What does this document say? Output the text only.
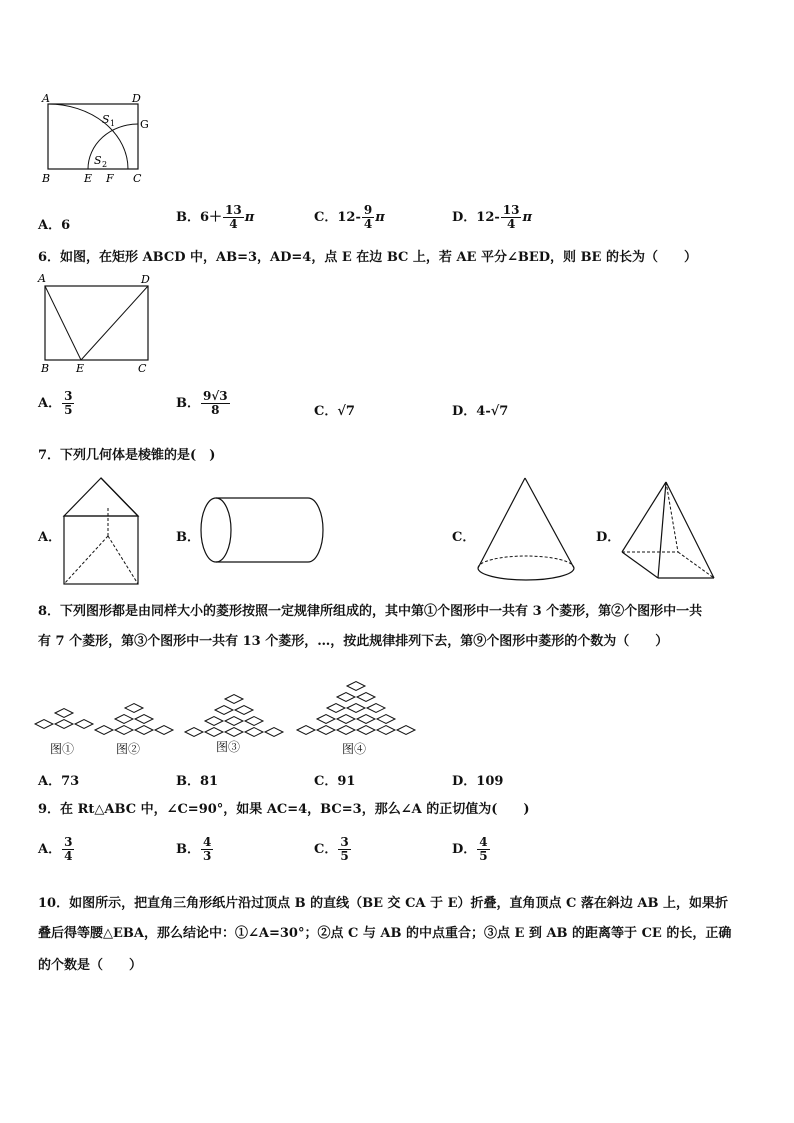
A	D
G
B	E F C
S 1
S 2
A．6
B．$6+ \frac{13}{4}$ π	C．$12- \frac{9}{4}$ π	D．$12- \frac{13}{4}$ π
6．如图，在矩形 ABCD 中，AB=3，AD=4，点 E 在边 BC 上，若 AE 平分∠BED，则 BE 的长为（　　）
A	D
B E	C
A． $\frac{3}{5}$	B． $\frac{9√3}{8}$	C．√7	D．4-√7
7．下列几何体是棱锥的是(　)
A．	B．	C．	D．
8．下列图形都是由同样大小的菱形按照一定规律所组成的，其中第①个图形中一共有 3 个菱形，第②个图形中一共
有 7 个菱形，第③个图形中一共有 13 个菱形，…，按此规律排列下去，第⑨个图形中菱形的个数为（　　）
图①	图②	图③	图④
A．73	B．81	C．91	D．109
9．在 Rt△ABC 中，∠C=90°，如果 AC=4，BC=3，那么∠A 的正切值为(　　)
A． $\frac{3}{4}$	B． $\frac{4}{3}$	C． $\frac{3}{5}$	D． $\frac{4}{5}$
10．如图所示，把直角三角形纸片沿过顶点 B 的直线（BE 交 CA 于 E）折叠，直角顶点 C 落在斜边 AB 上，如果折
叠后得等腰△EBA，那么结论中：①∠A=30°；②点 C 与 AB 的中点重合；③点 E 到 AB 的距离等于 CE 的长，正确
的个数是（　　）
